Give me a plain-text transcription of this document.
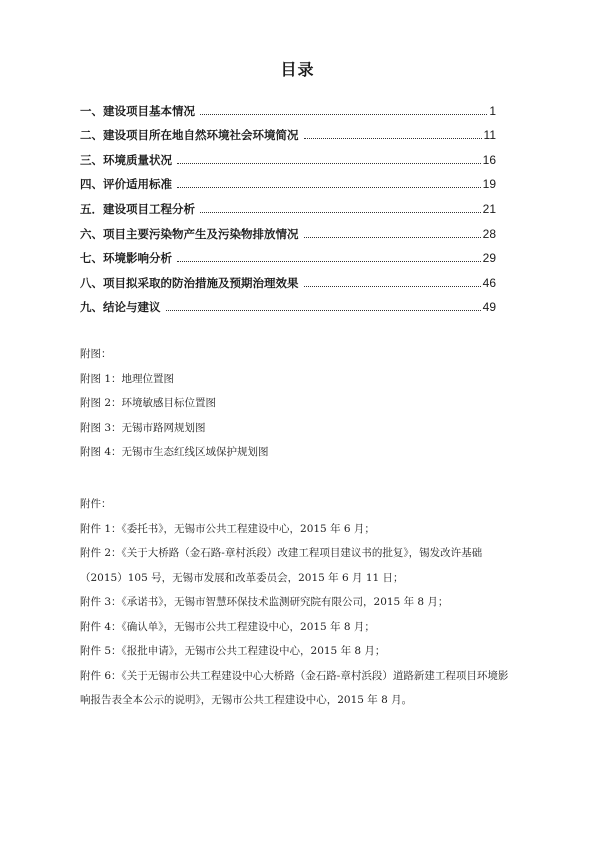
目录
一、建设项目基本情况	1
二、建设项目所在地自然环境社会环境简况	11
三、环境质量状况	16
四、评价适用标准	19
五．建设项目工程分析	21
六、项目主要污染物产生及污染物排放情况	28
七、环境影响分析	29
八、项目拟采取的防治措施及预期治理效果	46
九、结论与建议	49
附图：
附图 1：地理位置图
附图 2：环境敏感目标位置图
附图 3：无锡市路网规划图
附图 4：无锡市生态红线区域保护规划图
附件：
附件 1：《委托书》，无锡市公共工程建设中心，2015 年 6 月；
附件 2：《关于大桥路（金石路-章村浜段）改建工程项目建议书的批复》，锡发改许基础（2015）105 号，无锡市发展和改革委员会，2015 年 6 月 11 日；
附件 3：《承诺书》，无锡市智慧环保技术监测研究院有限公司，2015 年 8 月；
附件 4：《确认单》，无锡市公共工程建设中心，2015 年 8 月；
附件 5：《报批申请》，无锡市公共工程建设中心，2015 年 8 月；
附件 6：《关于无锡市公共工程建设中心大桥路（金石路-章村浜段）道路新建工程项目环境影响报告表全本公示的说明》，无锡市公共工程建设中心，2015 年 8 月。
